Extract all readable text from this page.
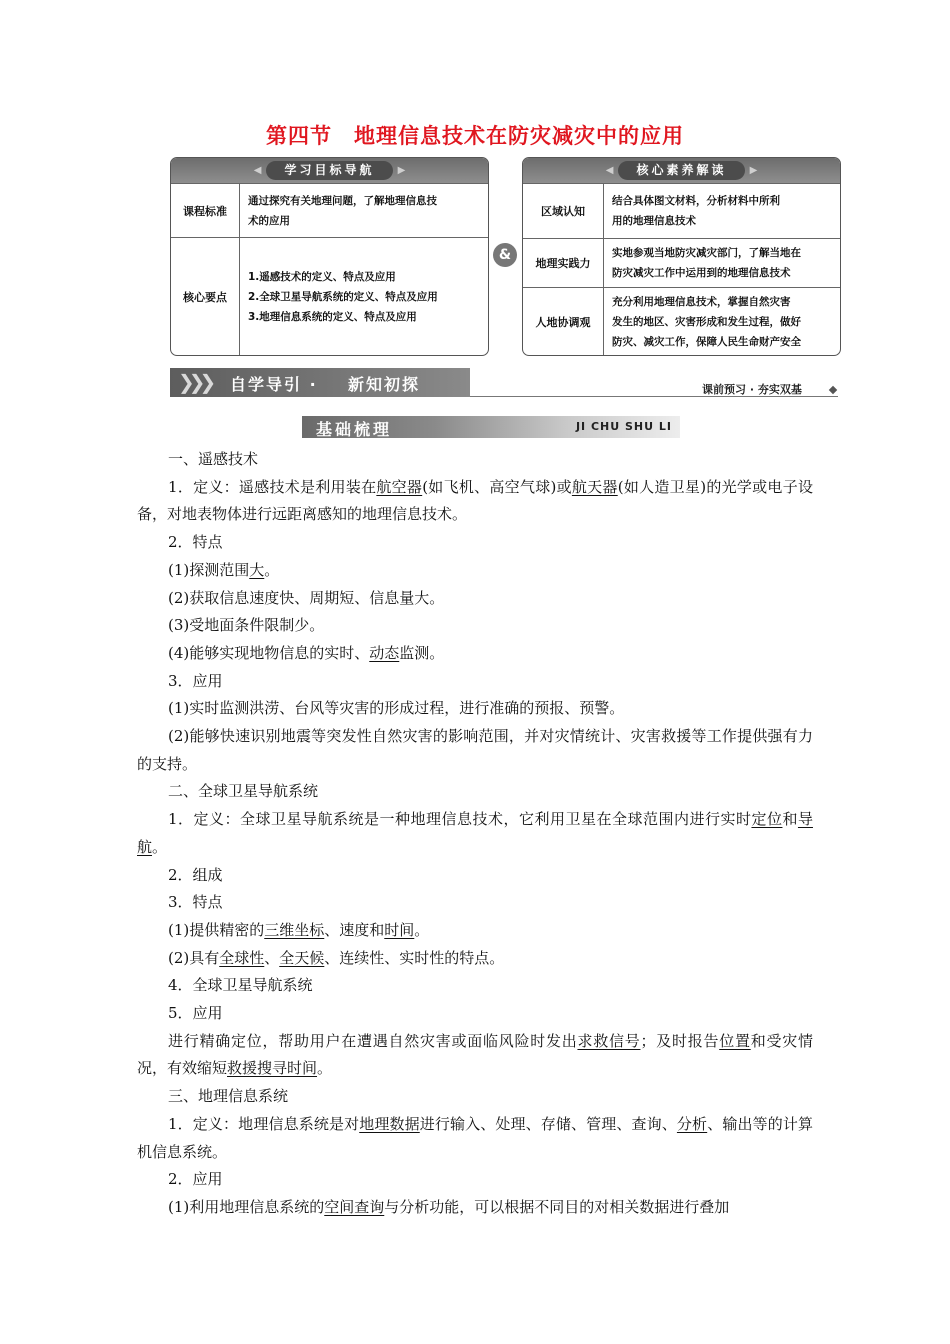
第四节 地理信息技术在防灾减灾中的应用
◀ 学习目标导航 ▶
课程标准
通过探究有关地理问题，了解地理信息技
术的应用
核心要点
1.遥感技术的定义、特点及应用
2.全球卫星导航系统的定义、特点及应用
3.地理信息系统的定义、特点及应用
&
◀ 核心素养解读 ▶
区域认知
结合具体图文材料，分析材料中所利
用的地理信息技术
地理实践力
实地参观当地防灾减灾部门，了解当地在
防灾减灾工作中运用到的地理信息技术
人地协调观
充分利用地理信息技术，掌握自然灾害
发生的地区、灾害形成和发生过程，做好
防灾、减灾工作，保障人民生命财产安全
❯❯❯ 自学导引 · 新知初探	课前预习 · 夯实双基
基础梳理	JI CHU SHU LI

一、遥感技术

1．定义：遥感技术是利用装在航空器(如飞机、高空气球)或航天器(如人造卫星)的光学或电子设备，对地表物体进行远距离感知的地理信息技术。

2．特点

(1)探测范围大。

(2)获取信息速度快、周期短、信息量大。

(3)受地面条件限制少。

(4)能够实现地物信息的实时、动态监测。

3．应用

(1)实时监测洪涝、台风等灾害的形成过程，进行准确的预报、预警。

(2)能够快速识别地震等突发性自然灾害的影响范围，并对灾情统计、灾害救援等工作提供强有力的支持。

二、全球卫星导航系统

1．定义：全球卫星导航系统是一种地理信息技术，它利用卫星在全球范围内进行实时定位和导航。

2．组成

3．特点

(1)提供精密的三维坐标、速度和时间。

(2)具有全球性、全天候、连续性、实时性的特点。

4．全球卫星导航系统

5．应用

进行精确定位，帮助用户在遭遇自然灾害或面临风险时发出求救信号；及时报告位置和受灾情况，有效缩短救援搜寻时间。

三、地理信息系统

1．定义：地理信息系统是对地理数据进行输入、处理、存储、管理、查询、分析、输出等的计算机信息系统。

2．应用

(1)利用地理信息系统的空间查询与分析功能，可以根据不同目的对相关数据进行叠加
